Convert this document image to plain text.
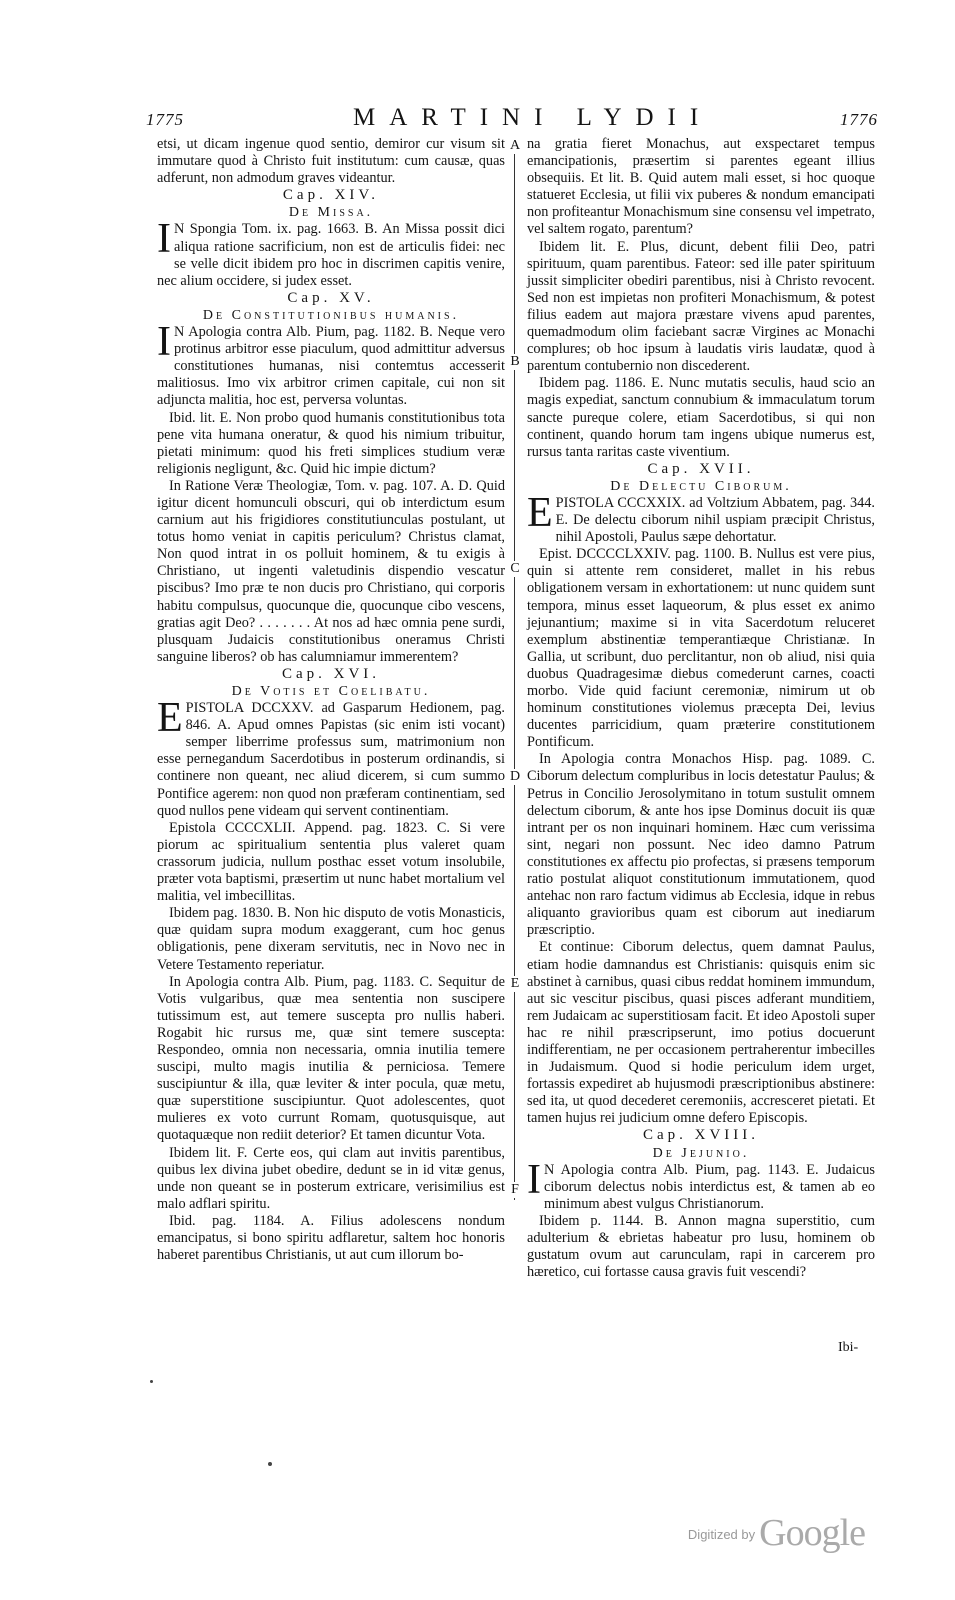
1775	MARTINI LYDII	1776
A
B
C
D
E
F

etsi, ut dicam ingenue quod sentio, demiror cur visum sit immutare quod à Christo fuit institutum: cum causæ, quas adferunt, non admodum graves videantur.

Cap. XIV.

De Missa.

I N Spongia Tom. ix. pag. 1663. B. An Missa possit dici aliqua ratione sacrificium, non est de articulis fidei: nec se velle dicit ibidem pro hoc in discrimen capitis venire, nec alium occidere, si judex esset.

Cap. XV.

De Constitutionibus humanis.

I N Apologia contra Alb. Pium, pag. 1182. B. Neque vero protinus arbitror esse piaculum, quod admittitur adversus constitutiones humanas, nisi contemtus accesserit malitiosus. Imo vix arbitror crimen capitale, cui non sit adjuncta malitia, hoc est, perversa voluntas.

Ibid. lit. E. Non probo quod humanis constitutionibus tota pene vita humana oneratur, & quod his nimium tribuitur, pietati minimum: quod his freti simplices studium veræ religionis negligunt, &c. Quid hic impie dictum?

In Ratione Veræ Theologiæ, Tom. v. pag. 107. A. D. Quid igitur dicent homunculi obscuri, qui ob interdictum esum carnium aut his frigidiores constitutiunculas postulant, ut totus homo veniat in capitis periculum? Christus clamat, Non quod intrat in os polluit hominem, & tu exigis à Christiano, ut ingenti valetudinis dispendio vescatur piscibus? Imo præ te non ducis pro Christiano, qui corporis habitu compulsus, quocunque die, quocunque cibo vescens, gratias agit Deo? . . . . . . . At nos ad hæc omnia pene surdi, plusquam Judaicis constitutionibus oneramus Christi sanguine liberos? ob has calumniamur immerentem?

Cap. XVI.

De Votis et Coelibatu.

EPISTOLA DCCXXV. ad Gasparum Hedionem, pag. 846. A. Apud omnes Papistas (sic enim isti vocant) semper liberrime professus sum, matrimonium non esse pernegandum Sacerdotibus in posterum ordinandis, si continere non queant, nec aliud dicerem, si cum summo Pontifice agerem: non quod non præferam continentiam, sed quod nullos pene videam qui servent continentiam.

Epistola CCCCXLII. Append. pag. 1823. C. Si vere piorum ac spiritualium sententia plus valeret quam crassorum judicia, nullum posthac esset votum insolubile, præter vota baptismi, præsertim ut nunc habet mortalium vel malitia, vel imbecillitas.

Ibidem pag. 1830. B. Non hic disputo de votis Monasticis, quæ quidam supra modum exaggerant, cum hoc genus obligationis, pene dixeram servitutis, nec in Novo nec in Vetere Testamento reperiatur.

In Apologia contra Alb. Pium, pag. 1183. C. Sequitur de Votis vulgaribus, quæ mea sententia non suscipere tutissimum est, aut temere suscepta pro nullis haberi. Rogabit hic rursus me, quæ sint temere suscepta: Respondeo, omnia non necessaria, omnia inutilia temere suscipi, multo magis inutilia & perniciosa. Temere suscipiuntur & illa, quæ leviter & inter pocula, quæ metu, quæ superstitione suscipiuntur. Quot adolescentes, quot mulieres ex voto currunt Romam, quotusquisque, aut quotaquæque non rediit deterior? Et tamen dicuntur Vota.

Ibidem lit. F. Certe eos, qui clam aut invitis parentibus, quibus lex divina jubet obedire, dedunt se in id vitæ genus, unde non queant se in posterum extricare, verisimilius est malo adflari spiritu.

Ibid. pag. 1184. A. Filius adolescens nondum emancipatus, si bono spiritu adflaretur, saltem hoc honoris haberet parentibus Christianis, ut aut cum illorum bo-

na gratia fieret Monachus, aut exspectaret tempus emancipationis, præsertim si parentes egeant illius obsequiis. Et lit. B. Quid autem mali esset, si hoc quoque statueret Ecclesia, ut filii vix puberes & nondum emancipati non profiteantur Monachismum sine consensu vel impetrato, vel saltem rogato, parentum?

Ibidem lit. E. Plus, dicunt, debent filii Deo, patri spirituum, quam parentibus. Fateor: sed ille pater spirituum jussit simpliciter obediri parentibus, nisi à Christo revocent. Sed non est impietas non profiteri Monachismum, & potest filius eadem aut majora præstare vivens apud parentes, quemadmodum olim faciebant sacræ Virgines ac Monachi complures; ob hoc ipsum à laudatis viris laudatæ, quod à parentum contubernio non discederent.

Ibidem pag. 1186. E. Nunc mutatis seculis, haud scio an magis expediat, sanctum connubium & immaculatum torum sancte pureque colere, etiam Sacerdotibus, si qui non continent, quando horum tam ingens ubique numerus est, rursus tanta raritas caste viventium.

Cap. XVII.

De Delectu Ciborum.

EPISTOLA CCCXXIX. ad Voltzium Abbatem, pag. 344. E. De delectu ciborum nihil uspiam præcipit Christus, nihil Apostoli, Paulus sæpe dehortatur.

Epist. DCCCCLXXIV. pag. 1100. B. Nullus est vere pius, quin si attente rem consideret, mallet in his rebus obligationem versam in exhortationem: ut nunc quidem sunt tempora, minus esset laqueorum, & plus esset ex animo jejunantium; maxime si in vita Sacerdotum reluceret exemplum abstinentiæ temperantiæque Christianæ. In Gallia, ut scribunt, duo perclitantur, non ob aliud, nisi quia duobus Quadragesimæ diebus comederunt carnes, coacti morbo. Vide quid faciunt ceremoniæ, nimirum ut ob hominum constitutiones violemus præcepta Dei, levius ducentes parricidium, quam præterire constitutionem Pontificum.

In Apologia contra Monachos Hisp. pag. 1089. C. Ciborum delectum compluribus in locis detestatur Paulus; & Petrus in Concilio Jerosolymitano in totum sustulit omnem delectum ciborum, & ante hos ipse Dominus docuit iis quæ intrant per os non inquinari hominem. Hæc cum verissima sint, negari non possunt. Nec ideo damno Patrum constitutiones ex affectu pio profectas, si præsens temporum ratio postulat aliquot constitutionum immutationem, quod antehac non raro factum vidimus ab Ecclesia, idque in rebus aliquanto gravioribus quam est ciborum aut inediarum præscriptio.

Et continue: Ciborum delectus, quem damnat Paulus, etiam hodie damnandus est Christianis: quisquis enim sic abstinet à carnibus, quasi cibus reddat hominem immundum, aut sic vescitur piscibus, quasi pisces adferant munditiem, rem Judaicam ac superstitiosam facit. Et ideo Apostoli super hac re nihil præscripserunt, imo potius docuerunt indifferentiam, ne per occasionem pertraherentur imbecilles in Judaismum. Quod si hodie periculum idem urget, fortassis expediret ab hujusmodi præscriptionibus abstinere: sed ita, ut quod decederet ceremoniis, accresceret pietati. Et tamen hujus rei judicium omne defero Episcopis.

Cap. XVIII.

De Jejunio.

I N Apologia contra Alb. Pium, pag. 1143. E. Judaicus ciborum delectus nobis interdictus est, & tamen ab eo minimum abest vulgus Christianorum.

Ibidem p. 1144. B. Annon magna superstitio, cum adulterium & ebrietas habeatur pro lusu, hominem ob gustatum ovum aut carunculam, rapi in carcerem pro hæretico, cui fortasse causa gravis fuit vescendi?

Ibi-
$^{Digitized by}$ Google
